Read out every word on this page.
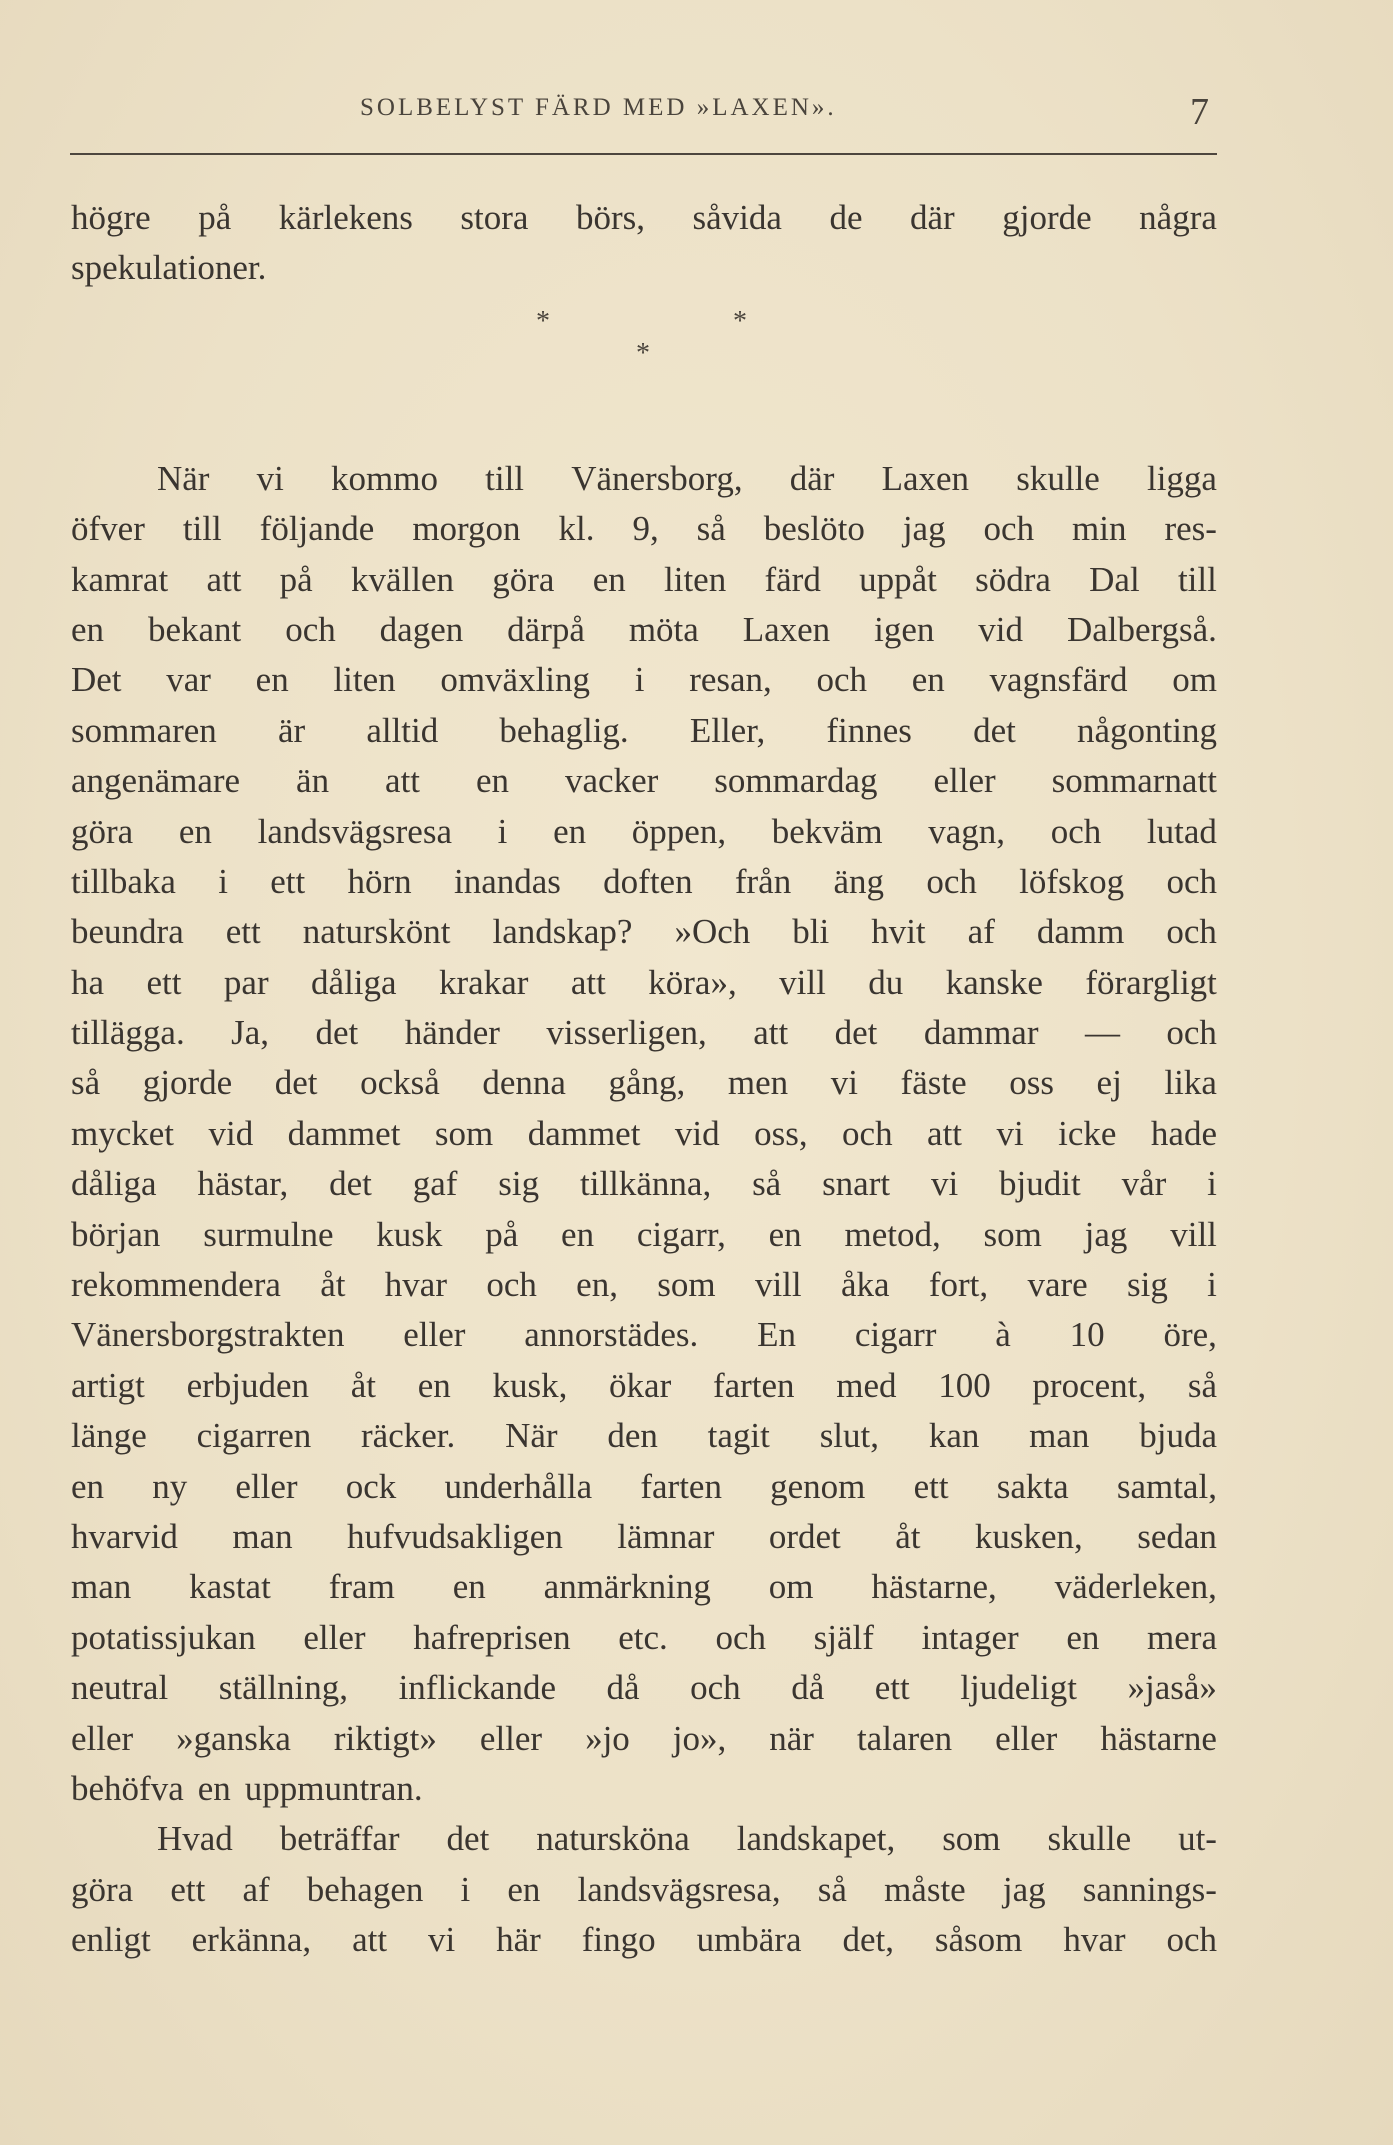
SOLBELYST FÄRD MED »LAXEN».	7
högre på kärlekens stora börs, såvida de där gjorde några
spekulationer.
*	*
*
När vi kommo till Vänersborg, där Laxen skulle ligga
öfver till följande morgon kl. 9, så beslöto jag och min res-
kamrat att på kvällen göra en liten färd uppåt södra Dal till
en bekant och dagen därpå möta Laxen igen vid Dalbergså.
Det var en liten omväxling i resan, och en vagnsfärd om
sommaren är alltid behaglig. Eller, finnes det någonting
angenämare än att en vacker sommardag eller sommarnatt
göra en landsvägsresa i en öppen, bekväm vagn, och lutad
tillbaka i ett hörn inandas doften från äng och löfskog och
beundra ett naturskönt landskap? »Och bli hvit af damm och
ha ett par dåliga krakar att köra», vill du kanske förargligt
tillägga. Ja, det händer visserligen, att det dammar — och
så gjorde det också denna gång, men vi fäste oss ej lika
mycket vid dammet som dammet vid oss, och att vi icke hade
dåliga hästar, det gaf sig tillkänna, så snart vi bjudit vår i
början surmulne kusk på en cigarr, en metod, som jag vill
rekommendera åt hvar och en, som vill åka fort, vare sig i
Vänersborgstrakten eller annorstädes. En cigarr à 10 öre,
artigt erbjuden åt en kusk, ökar farten med 100 procent, så
länge cigarren räcker. När den tagit slut, kan man bjuda
en ny eller ock underhålla farten genom ett sakta samtal,
hvarvid man hufvudsakligen lämnar ordet åt kusken, sedan
man kastat fram en anmärkning om hästarne, väderleken,
potatissjukan eller hafreprisen etc. och själf intager en mera
neutral ställning, inflickande då och då ett ljudeligt »jaså»
eller »ganska riktigt» eller »jo jo», när talaren eller hästarne
behöfva en uppmuntran.
Hvad beträffar det natursköna landskapet, som skulle ut-
göra ett af behagen i en landsvägsresa, så måste jag sannings-
enligt erkänna, att vi här fingo umbära det, såsom hvar och
